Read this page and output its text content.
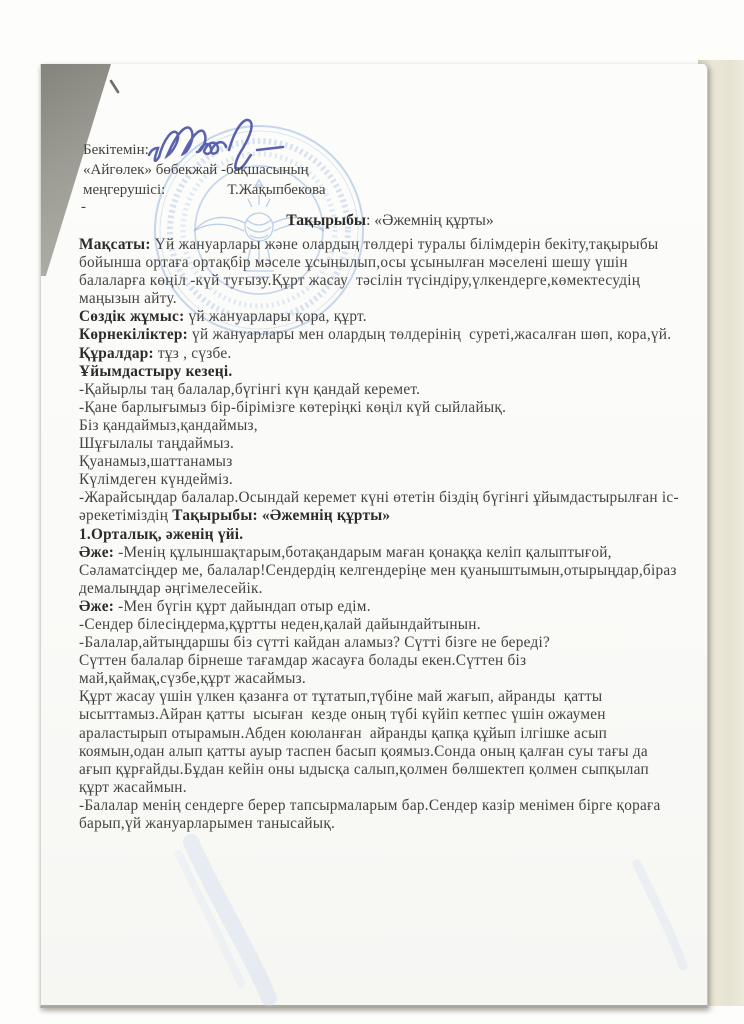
Бекітемін:
«Айгөлек» бөбекжай -бақшасының
меңгерушісі:	Т.Жақыпбекова
-
Тақырыбы: «Әжемнің құрты»
Мақсаты: Үй жануарлары және олардың төлдері туралы білімдерін бекіту,тақырыбы
бойынша ортаға ортақбір мәселе ұсынылып,осы ұсынылған мәселені шешу үшін
балаларға көңіл -күй туғызу.Құрт жасау  тәсілін түсіндіру,үлкендерге,көмектесудің
маңызын айту.
Сөздік жұмыс: үй жануарлары қора, құрт.
Көрнекіліктер: үй жануарлары мен олардың төлдерінің  суреті,жасалған шөп, кора,үй.
Құралдар: тұз , сүзбе.
Ұйымдастыру кезеңі.
-Қайырлы таң балалар,бүгінгі күн қандай керемет.
-Қане барлығымыз бір-бірімізге көтеріңкі көңіл күй сыйлайық.
Біз қандаймыз,қандаймыз,
Шұғылалы таңдаймыз.
Қуанамыз,шаттанамыз
Күлімдеген күндейміз.
-Жарайсыңдар балалар.Осындай керемет күні өтетін біздің бүгінгі ұйымдастырылған іс-
әрекетіміздің Тақырыбы: «Әжемнің құрты»
1.Орталық, әженің үйі.
Әже: -Менің құлыншақтарым,ботақандарым маған қонаққа келіп қалыптығой,
Сәламатсіңдер ме, балалар!Сендердің келгендеріңе мен қуаныштымын,отырыңдар,біраз
демалыңдар әңгімелесейік.
Әже: -Мен бүгін құрт дайындап отыр едім.
-Сендер білесіңдерма,құртты неден,қалай дайындайтынын.
-Балалар,айтыңдаршы біз сүтті кайдан аламыз? Сүтті бізге не береді?
Сүттен балалар бірнеше тағамдар жасауға болады екен.Сүттен біз
май,қаймақ,сүзбе,құрт жасаймыз.
Құрт жасау үшін үлкен қазанға от тұтатып,түбіне май жағып, айранды  қатты
ысыттамыз.Айран қатты  ысыған  кезде оның түбі күйіп кетпес үшін ожаумен
араластырып отырамын.Абден коюланған  айранды қапқа құйып ілгішке асып
коямын,одан алып қатты ауыр таспен басып қоямыз.Сонда оның қалған суы тағы да
ағып құрғайды.Бұдан кейін оны ыдысқа салып,қолмен бөлшектеп қолмен сыпқылап
құрт жасаймын.
-Балалар менің сендерге берер тапсырмаларым бар.Сендер казір менімен бірге қораға
барып,үй жануарларымен танысайық.
